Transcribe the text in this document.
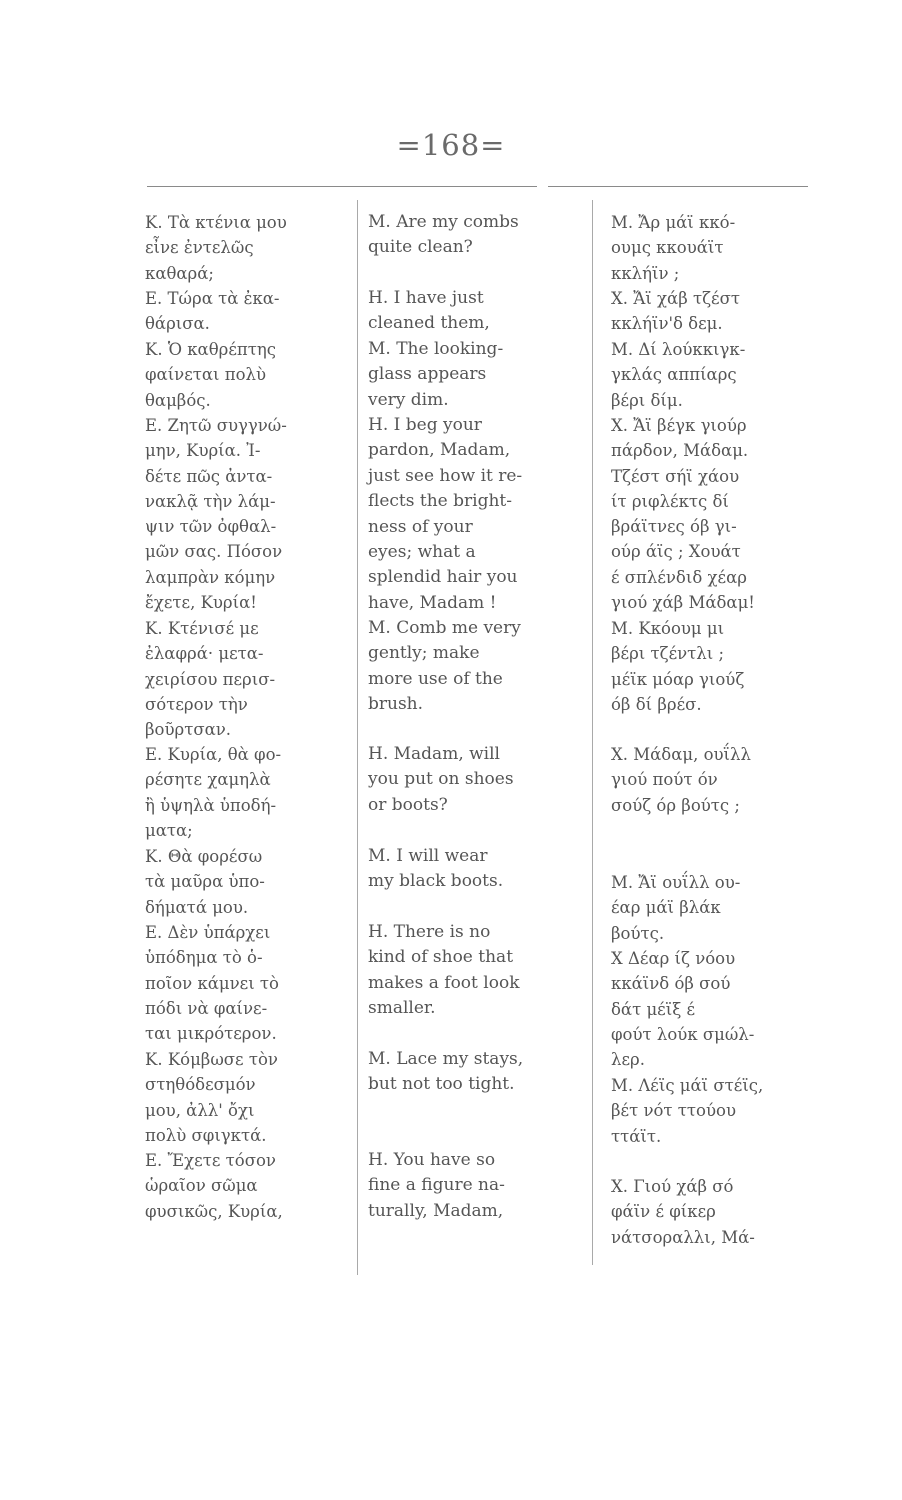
=168=
Κ. Τὰ κτένια μου
εἶνε ἐντελῶς
καθαρά;
Ε. Τώρα τὰ ἐκα-
θάρισα.
Κ. Ὁ καθρέπτης
φαίνεται πολὺ
θαμβός.
Ε. Ζητῶ συγγνώ-
μην, Κυρία. Ἰ-
δέτε πῶς ἀντα-
νακλᾷ τὴν λάμ-
ψιν τῶν ὀφθαλ-
μῶν σας. Πόσον
λαμπρὰν κόμην
ἔχετε, Κυρία!
Κ. Κτένισέ με
ἐλαφρά· μετα-
χειρίσου περισ-
σότερον τὴν
βοῦρτσαν.
Ε. Κυρία, θὰ φο-
ρέσητε χαμηλὰ
ἢ ὑψηλὰ ὑποδή-
ματα;
Κ. Θὰ φορέσω
τὰ μαῦρα ὑπο-
δήματά μου.
Ε. Δὲν ὑπάρχει
ὑπόδημα τὸ ὁ-
ποῖον κάμνει τὸ
πόδι νὰ φαίνε-
ται μικρότερον.
Κ. Κόμβωσε τὸν
στηθόδεσμόν
μου, ἀλλ' ὄχι
πολὺ σφιγκτά.
Ε. Ἔχετε τόσον
ὡραῖον σῶμα
φυσικῶς, Κυρία,
M. Are my combs
quite clean?
H. I have just
cleaned them,
M. The looking-
glass appears
very dim.
H. I beg your
pardon, Madam,
just see how it re-
flects the bright-
ness of your
eyes; what a
splendid hair you
have, Madam !
M. Comb me very
gently; make
more use of the
brush.
H. Madam, will
you put on shoes
or boots?
M. I will wear
my black boots.
H. There is no
kind of shoe that
makes a foot look
smaller.
M. Lace my stays,
but not too tight.
H. You have so
fine a figure na-
turally, Madam,
Μ. Ἄρ μάϊ κκό-
ουμς κκουάϊτ
κκλήϊν ;
Χ. Ἄϊ χάβ τζέστ
κκλήϊν'δ δεμ.
Μ. Δί λούκκιγκ-
γκλάς αππίαρς
βέρι δίμ.
Χ. Ἄϊ βέγκ γιούρ
πάρδον, Μάδαμ.
Τζέστ σήϊ χάου
ίτ ριφλέκτς δί
βράϊτνες όβ γι-
ούρ άϊς ; Χουάτ
έ σπλένδιδ χέαρ
γιού χάβ Μάδαμ!
Μ. Κκόουμ μι
βέρι τζέντλι ;
μέϊκ μόαρ γιούζ
όβ δί βρέσ.
Χ. Μάδαμ, ουΐλλ
γιού πούτ όν
σούζ όρ βούτς ;
Μ. Ἄϊ ουΐλλ ου-
έαρ μάϊ βλάκ
βούτς.
Χ Δέαρ ίζ νόου
κκάϊνδ όβ σού
δάτ μέϊξ έ
φούτ λούκ σμώλ-
λερ.
Μ. Λέϊς μάϊ στέϊς,
βέτ νότ ττούου
ττάϊτ.
Χ. Γιού χάβ σό
φάϊν έ φίκερ
νάτσοραλλι, Μά-
